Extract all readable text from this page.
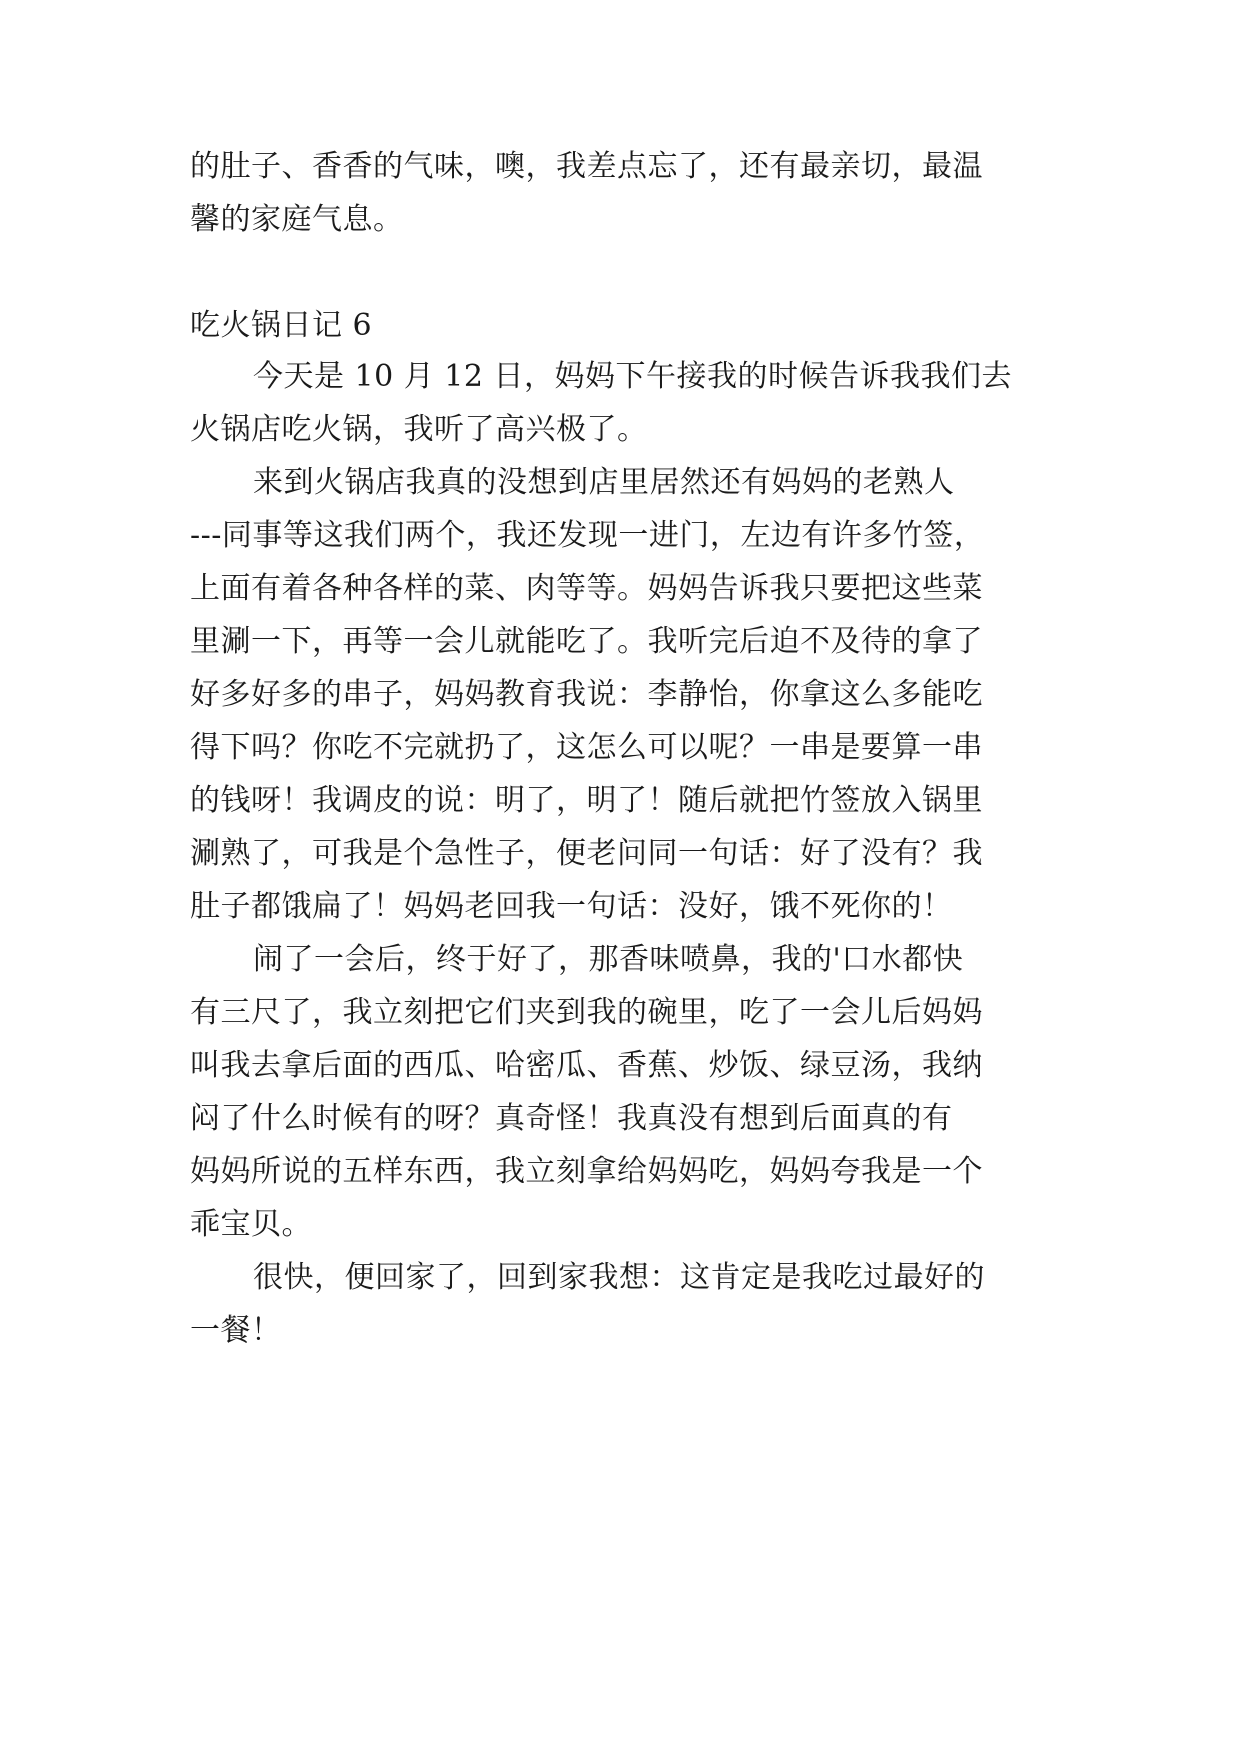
的肚子、香香的气味，噢，我差点忘了，还有最亲切，最温
馨的家庭气息。
吃火锅日记 6
今天是 10 月 12 日，妈妈下午接我的时候告诉我我们去
火锅店吃火锅，我听了高兴极了。
来到火锅店我真的没想到店里居然还有妈妈的老熟人
---同事等这我们两个，我还发现一进门，左边有许多竹签，
上面有着各种各样的菜、肉等等。妈妈告诉我只要把这些菜
里涮一下，再等一会儿就能吃了。我听完后迫不及待的拿了
好多好多的串子，妈妈教育我说：李静怡，你拿这么多能吃
得下吗？你吃不完就扔了，这怎么可以呢？一串是要算一串
的钱呀！我调皮的说：明了，明了！随后就把竹签放入锅里
涮熟了，可我是个急性子，便老问同一句话：好了没有？我
肚子都饿扁了！妈妈老回我一句话：没好，饿不死你的！
闹了一会后，终于好了，那香味喷鼻，我的'口水都快
有三尺了，我立刻把它们夹到我的碗里，吃了一会儿后妈妈
叫我去拿后面的西瓜、哈密瓜、香蕉、炒饭、绿豆汤，我纳
闷了什么时候有的呀？真奇怪！我真没有想到后面真的有
妈妈所说的五样东西，我立刻拿给妈妈吃，妈妈夸我是一个
乖宝贝。
很快，便回家了，回到家我想：这肯定是我吃过最好的
一餐！
